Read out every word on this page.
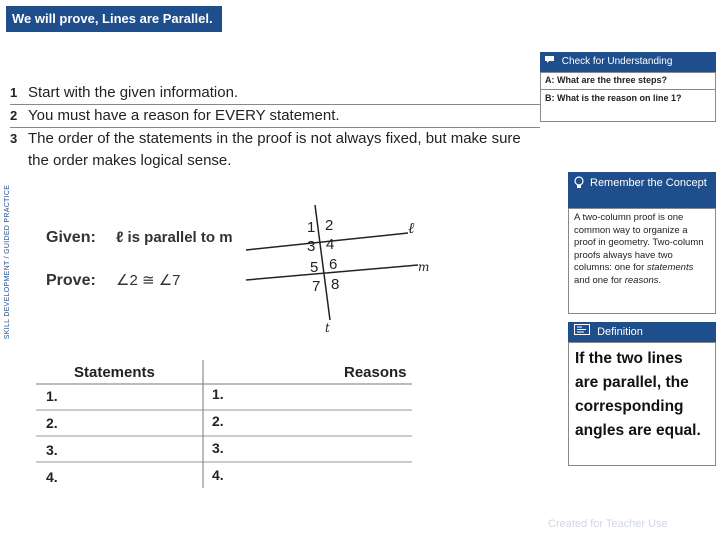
We will prove, Lines are Parallel.
SKILL DEVELOPMENT / GUIDED PRACTICE
1 Start with the given information.
2 You must have a reason for EVERY statement.
3 The order of the statements in the proof is not always fixed, but make sure the order makes logical sense.
Given: ℓ is parallel to m
Prove: ∠2 ≅ ∠7
ℓ
m
t
1 2
3 4
5 6
7 8
Statements	Reasons
1.
2.
3.
4.
1.
2.
3.
4.
Check for Understanding
A: What are the three steps?
B: What is the reason on line 1?
Remember the Concept
A two-column proof is one common way to organize a proof in geometry. Two-column proofs always have two columns: one for statements and one for reasons.
Definition
If the two lines are parallel, the corresponding angles are equal.
Created for Teacher Use
